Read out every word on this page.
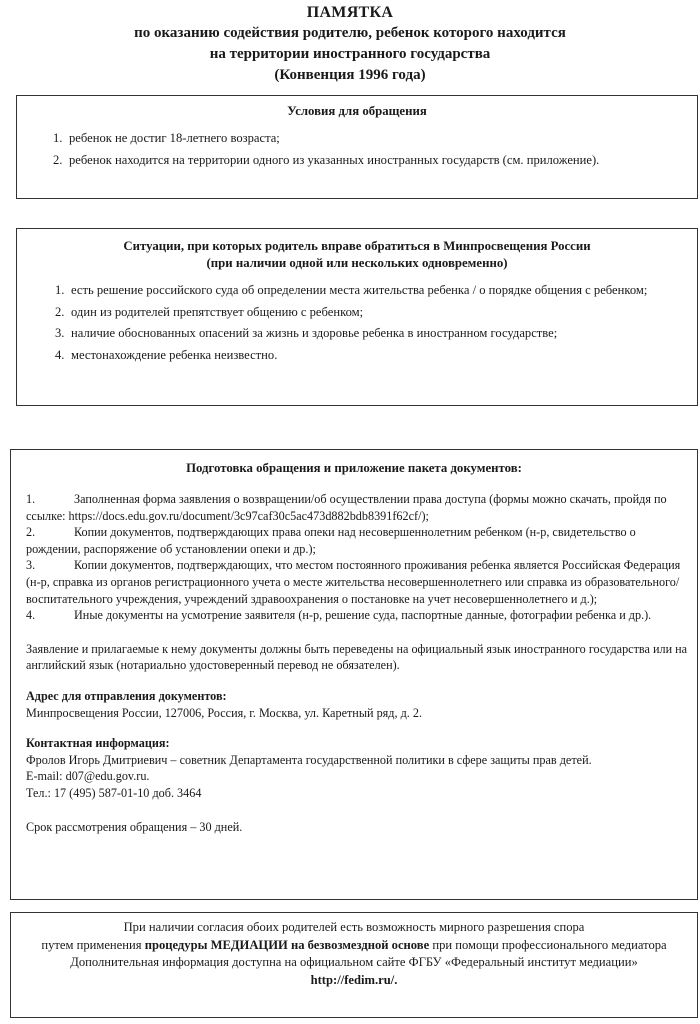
ПАМЯТКА
по оказанию содействия родителю, ребенок которого находится
на территории иностранного государства
(Конвенция 1996 года)
Условия для обращения
1. ребенок не достиг 18-летнего возраста;
2. ребенок находится на территории одного из указанных иностранных государств (см. приложение).
Ситуации, при которых родитель вправе обратиться в Минпросвещения России
(при наличии одной или нескольких одновременно)
1. есть решение российского суда об определении места жительства ребенка / о порядке общения с ребенком;
2. один из родителей препятствует общению с ребенком;
3. наличие обоснованных опасений за жизнь и здоровье ребенка в иностранном государстве;
4. местонахождение ребенка неизвестно.
Подготовка обращения и приложение пакета документов:
1.	Заполненная форма заявления о возвращении/об осуществлении права доступа (формы можно скачать, пройдя по ссылке: https://docs.edu.gov.ru/document/3c97caf30c5ac473d882bdb8391f62cf/);
2.	Копии документов, подтверждающих права опеки над несовершеннолетним ребенком (н-р, свидетельство о рождении, распоряжение об установлении опеки и др.);
3.	Копии документов, подтверждающих, что местом постоянного проживания ребенка является Российская Федерация (н-р, справка из органов регистрационного учета о месте жительства несовершеннолетнего или справка из образовательного/воспитательного учреждения, учреждений здравоохранения о постановке на учет несовершеннолетнего и д.);
4.	Иные документы на усмотрение заявителя (н-р, решение суда, паспортные данные, фотографии ребенка и др.).
Заявление и прилагаемые к нему документы должны быть переведены на официальный язык иностранного государства или на английский язык (нотариально удостоверенный перевод не обязателен).
Адрес для отправления документов:
Минпросвещения России, 127006, Россия, г. Москва, ул. Каретный ряд, д. 2.
Контактная информация:
Фролов Игорь Дмитриевич – советник Департамента государственной политики в сфере защиты прав детей.
E-mail: d07@edu.gov.ru.
Тел.: 17 (495) 587-01-10 доб. 3464
Срок рассмотрения обращения – 30 дней.
При наличии согласия обоих родителей есть возможность мирного разрешения спора
путем применения процедуры МЕДИАЦИИ на безвозмездной основе при помощи профессионального медиатора
Дополнительная информация доступна на официальном сайте ФГБУ «Федеральный институт медиации»
http://fedim.ru/.
